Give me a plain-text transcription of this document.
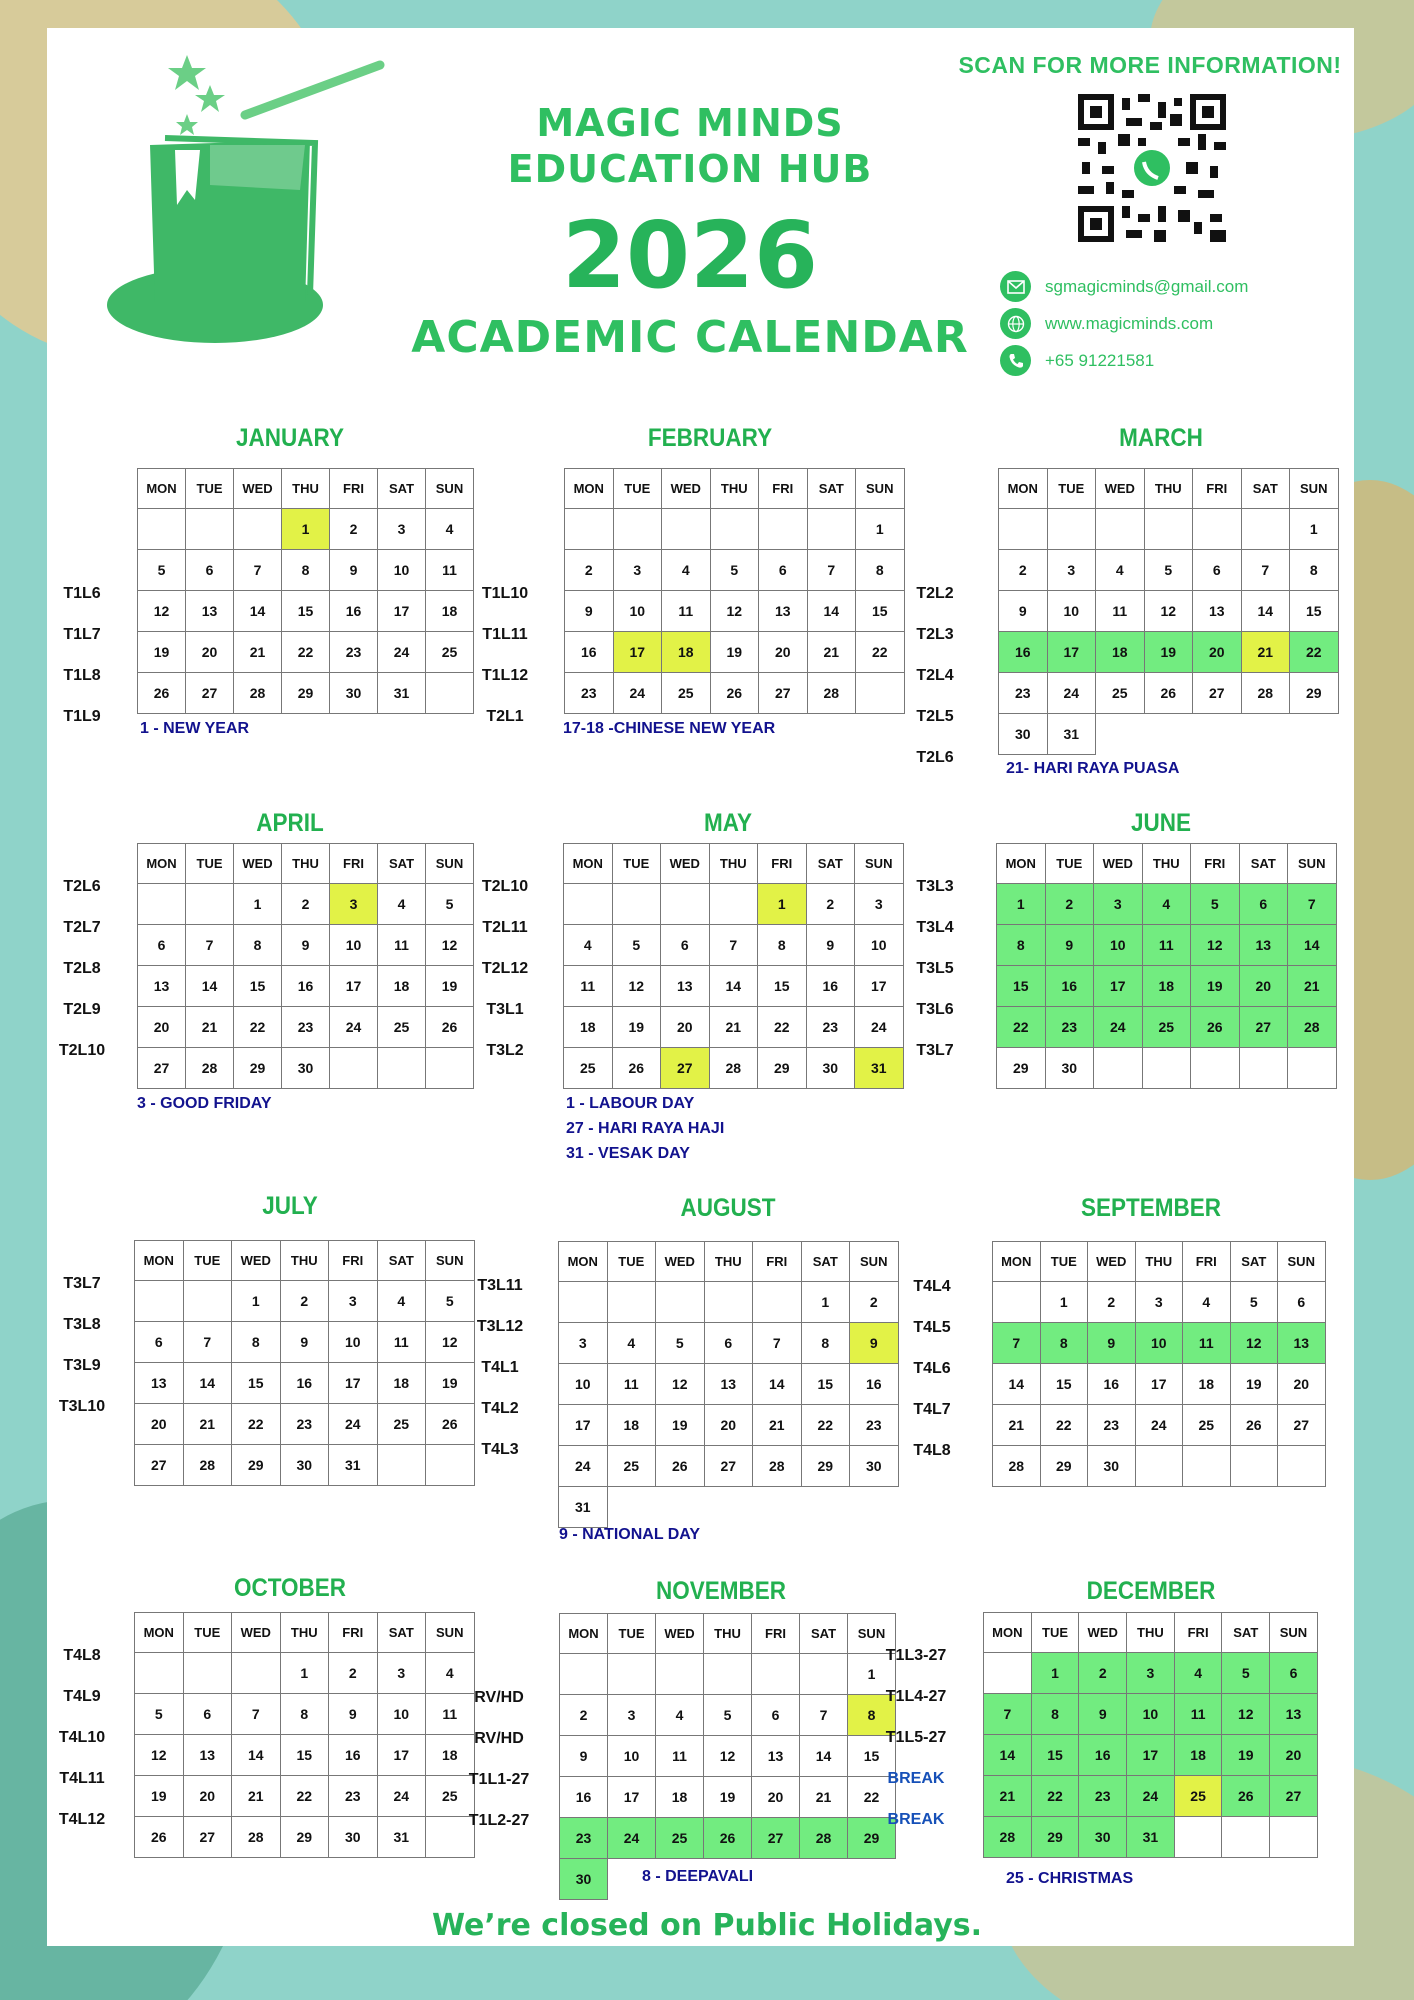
MAGIC MINDS
EDUCATION HUB
2026
ACADEMIC CALENDAR
SCAN FOR MORE INFORMATION!
sgmagicminds@gmail.com
www.magicminds.com
+65 91221581
JANUARY
MON	TUE	WED	THU	FRI	SAT	SUN
			1	2	3	4
5	6	7	8	9	10	11
12	13	14	15	16	17	18
19	20	21	22	23	24	25
26	27	28	29	30	31	
T1L6
T1L7
T1L8
T1L9
1 - NEW YEAR
FEBRUARY
MON	TUE	WED	THU	FRI	SAT	SUN
						1
2	3	4	5	6	7	8
9	10	11	12	13	14	15
16	17	18	19	20	21	22
23	24	25	26	27	28	
T1L10
T1L11
T1L12
T2L1
17-18 -CHINESE NEW YEAR
MARCH
MON	TUE	WED	THU	FRI	SAT	SUN
						1
2	3	4	5	6	7	8
9	10	11	12	13	14	15
16	17	18	19	20	21	22
23	24	25	26	27	28	29
30	31					
T2L2
T2L3
T2L4
T2L5
T2L6
21- HARI RAYA PUASA
APRIL
MON	TUE	WED	THU	FRI	SAT	SUN
		1	2	3	4	5
6	7	8	9	10	11	12
13	14	15	16	17	18	19
20	21	22	23	24	25	26
27	28	29	30			
T2L6
T2L7
T2L8
T2L9
T2L10
3 - GOOD FRIDAY
MAY
MON	TUE	WED	THU	FRI	SAT	SUN
				1	2	3
4	5	6	7	8	9	10
11	12	13	14	15	16	17
18	19	20	21	22	23	24
25	26	27	28	29	30	31
T2L10
T2L11
T2L12
T3L1
T3L2
1 - LABOUR DAY
27 - HARI RAYA HAJI
31 - VESAK DAY
JUNE
MON	TUE	WED	THU	FRI	SAT	SUN
1	2	3	4	5	6	7
8	9	10	11	12	13	14
15	16	17	18	19	20	21
22	23	24	25	26	27	28
29	30					
T3L3
T3L4
T3L5
T3L6
T3L7
JULY
MON	TUE	WED	THU	FRI	SAT	SUN
		1	2	3	4	5
6	7	8	9	10	11	12
13	14	15	16	17	18	19
20	21	22	23	24	25	26
27	28	29	30	31		
T3L7
T3L8
T3L9
T3L10
AUGUST
MON	TUE	WED	THU	FRI	SAT	SUN
					1	2
3	4	5	6	7	8	9
10	11	12	13	14	15	16
17	18	19	20	21	22	23
24	25	26	27	28	29	30
31						
T3L11
T3L12
T4L1
T4L2
T4L3
9 - NATIONAL DAY
SEPTEMBER
MON	TUE	WED	THU	FRI	SAT	SUN
	1	2	3	4	5	6
7	8	9	10	11	12	13
14	15	16	17	18	19	20
21	22	23	24	25	26	27
28	29	30				
T4L4
T4L5
T4L6
T4L7
T4L8
OCTOBER
MON	TUE	WED	THU	FRI	SAT	SUN
			1	2	3	4
5	6	7	8	9	10	11
12	13	14	15	16	17	18
19	20	21	22	23	24	25
26	27	28	29	30	31	
T4L8
T4L9
T4L10
T4L11
T4L12
NOVEMBER
MON	TUE	WED	THU	FRI	SAT	SUN
						1
2	3	4	5	6	7	8
9	10	11	12	13	14	15
16	17	18	19	20	21	22
23	24	25	26	27	28	29
30						
RV/HD
RV/HD
T1L1-27
T1L2-27
8 - DEEPAVALI
DECEMBER
MON	TUE	WED	THU	FRI	SAT	SUN
	1	2	3	4	5	6
7	8	9	10	11	12	13
14	15	16	17	18	19	20
21	22	23	24	25	26	27
28	29	30	31			
T1L3-27
T1L4-27
T1L5-27
BREAK
BREAK
25 - CHRISTMAS
We’re closed on Public Holidays.
